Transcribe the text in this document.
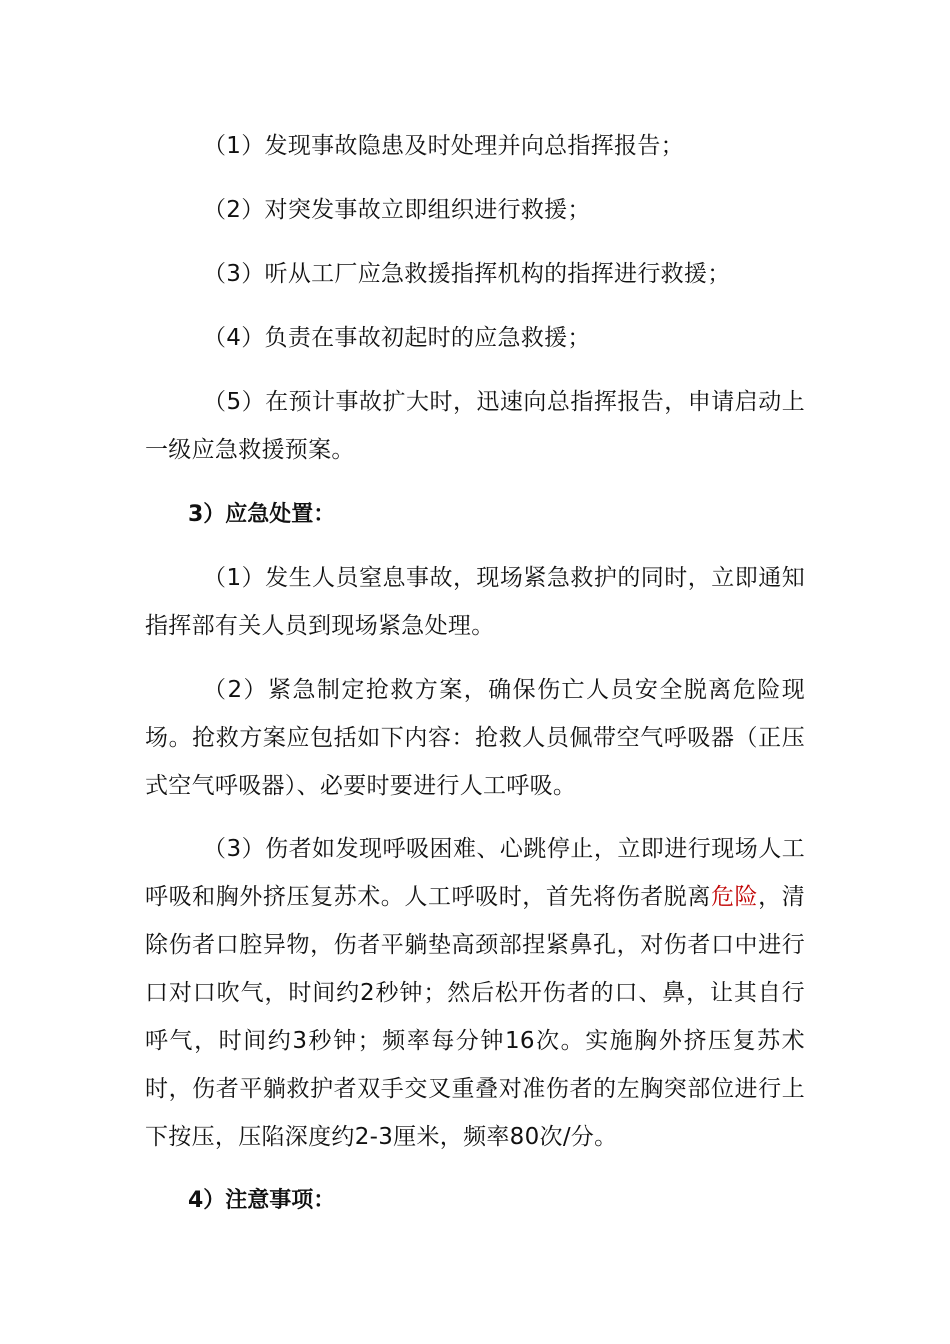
（1）发现事故隐患及时处理并向总指挥报告；

（2）对突发事故立即组织进行救援；

（3）听从工厂应急救援指挥机构的指挥进行救援；

（4）负责在事故初起时的应急救援；

（5）在预计事故扩大时，迅速向总指挥报告，申请启动上一级应急救援预案。

3）应急处置：

（1）发生人员窒息事故，现场紧急救护的同时，立即通知指挥部有关人员到现场紧急处理。

（2）紧急制定抢救方案，确保伤亡人员安全脱离危险现场。抢救方案应包括如下内容：抢救人员佩带空气呼吸器（正压式空气呼吸器）、必要时要进行人工呼吸。

（3）伤者如发现呼吸困难、心跳停止，立即进行现场人工呼吸和胸外挤压复苏术。人工呼吸时，首先将伤者脱离危险，清除伤者口腔异物，伤者平躺垫高颈部捏紧鼻孔，对伤者口中进行口对口吹气，时间约2秒钟；然后松开伤者的口、鼻，让其自行呼气，时间约3秒钟；频率每分钟16次。实施胸外挤压复苏术时，伤者平躺救护者双手交叉重叠对准伤者的左胸突部位进行上下按压，压陷深度约2-3厘米，频率80次/分。

4）注意事项：
